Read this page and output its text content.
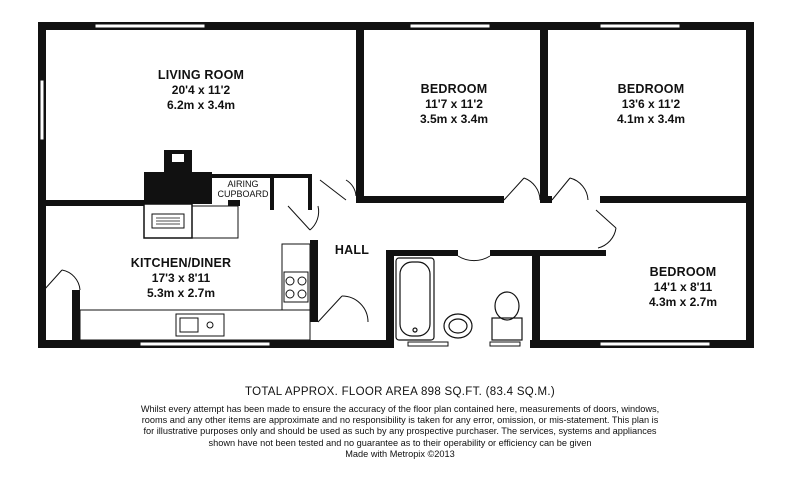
LIVING ROOM
20'4 x 11'2
6.2m x 3.4m
BEDROOM
11'7 x 11'2
3.5m x 3.4m
BEDROOM
13'6 x 11'2
4.1m x 3.4m
BEDROOM
14'1 x 8'11
4.3m x 2.7m
KITCHEN/DINER
17'3 x 8'11
5.3m x 2.7m
HALL
AIRING
CUPBOARD

TOTAL APPROX. FLOOR AREA 898 SQ.FT. (83.4 SQ.M.)

Whilst every attempt has been made to ensure the accuracy of the floor plan contained here, measurements of doors, windows, rooms and any other items are approximate and no responsibility is taken for any error, omission, or mis-statement. This plan is for illustrative purposes only and should be used as such by any prospective purchaser. The services, systems and appliances shown have not been tested and no guarantee as to their operability or efficiency can be given

Made with Metropix ©2013
